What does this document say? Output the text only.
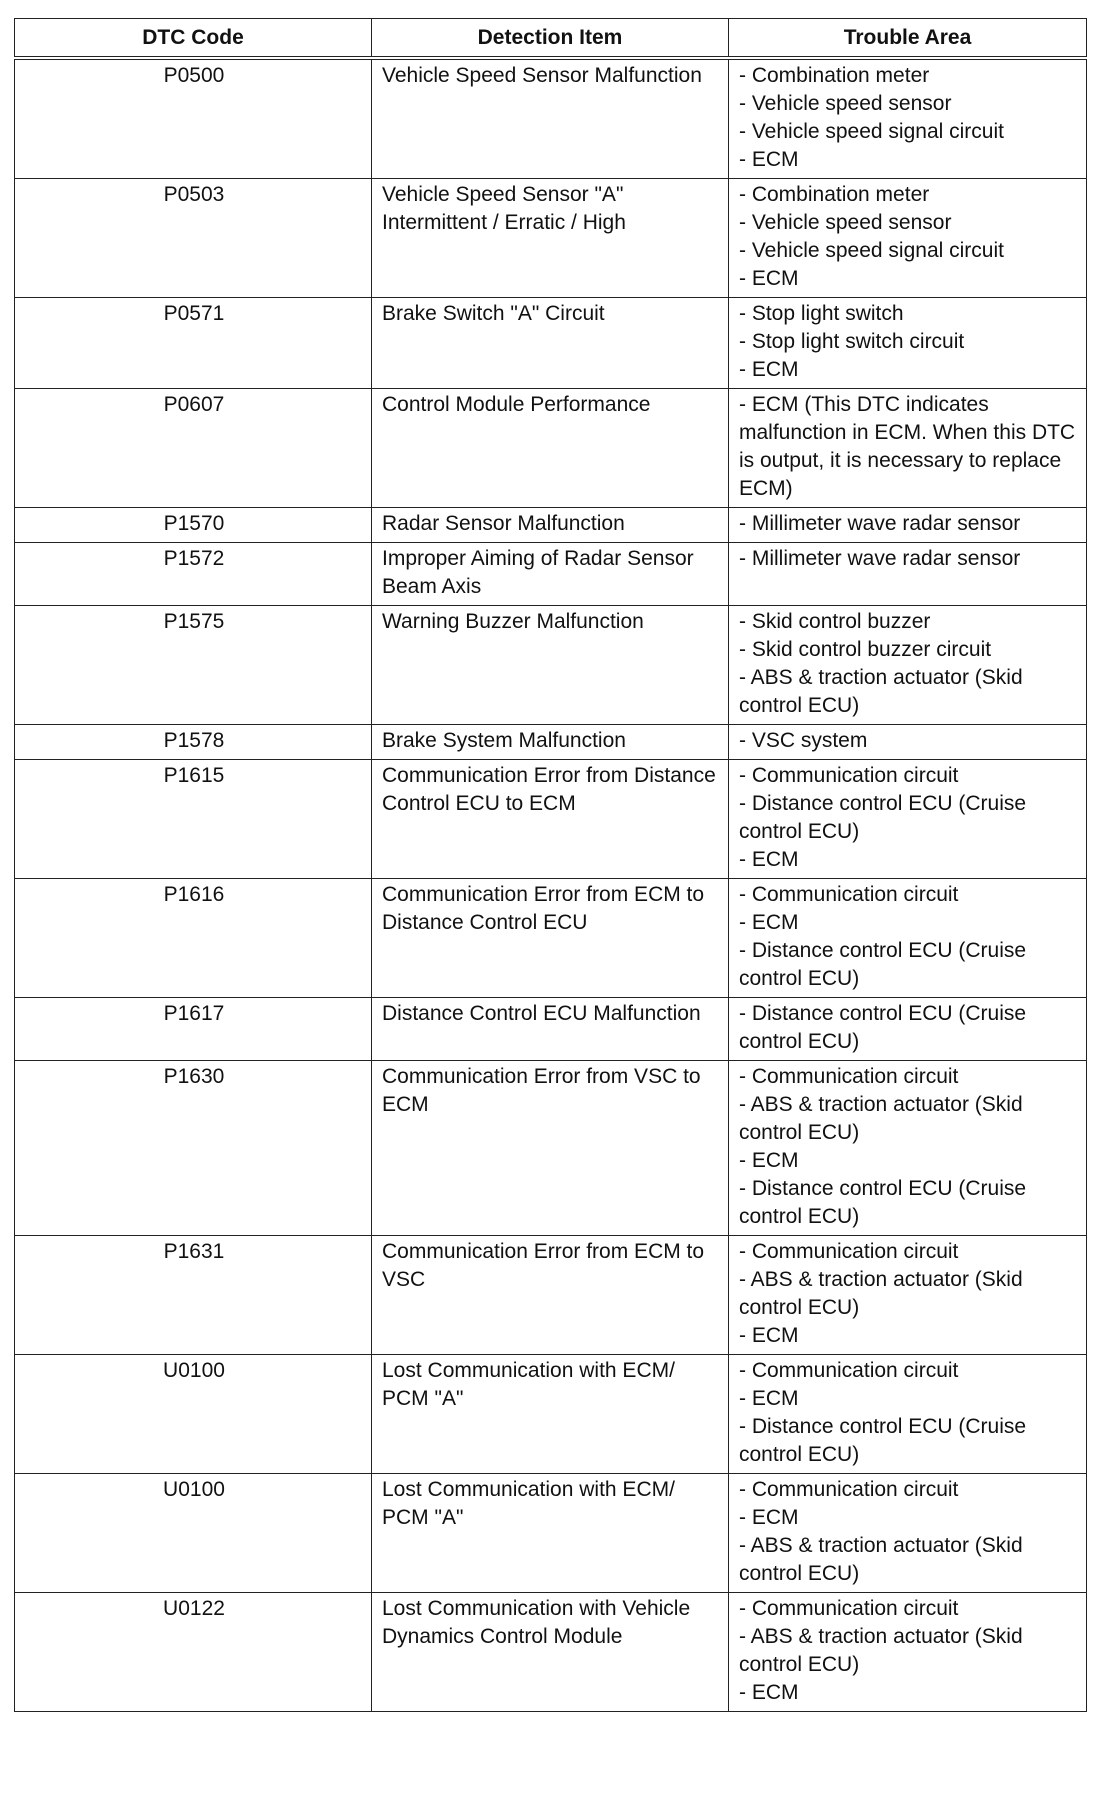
DTC Code	Detection Item	Trouble Area
P0500	Vehicle Speed Sensor Malfunction	- Combination meter
- Vehicle speed sensor
- Vehicle speed signal circuit
- ECM

P0503	Vehicle Speed Sensor "A" Intermittent / Erratic / High	- Combination meter
- Vehicle speed sensor
- Vehicle speed signal circuit
- ECM

P0571	Brake Switch "A" Circuit	- Stop light switch
- Stop light switch circuit
- ECM

P0607	Control Module Performance	- ECM (This DTC indicates malfunction in ECM. When this DTC is output, it is necessary to replace ECM)

P1570	Radar Sensor Malfunction	- Millimeter wave radar sensor

P1572	Improper Aiming of Radar Sensor Beam Axis	- Millimeter wave radar sensor

P1575	Warning Buzzer Malfunction	- Skid control buzzer
- Skid control buzzer circuit
- ABS & traction actuator (Skid control ECU)

P1578	Brake System Malfunction	- VSC system

P1615	Communication Error from Distance Control ECU to ECM	- Communication circuit
- Distance control ECU (Cruise control ECU)
- ECM

P1616	Communication Error from ECM to Distance Control ECU	- Communication circuit
- ECM
- Distance control ECU (Cruise control ECU)

P1617	Distance Control ECU Malfunction	- Distance control ECU (Cruise control ECU)

P1630	Communication Error from VSC to ECM	- Communication circuit
- ABS & traction actuator (Skid control ECU)
- ECM
- Distance control ECU (Cruise control ECU)

P1631	Communication Error from ECM to VSC	- Communication circuit
- ABS & traction actuator (Skid control ECU)
- ECM

U0100	Lost Communication with ECM/ PCM "A"	- Communication circuit
- ECM
- Distance control ECU (Cruise control ECU)

U0100	Lost Communication with ECM/ PCM "A"	- Communication circuit
- ECM
- ABS & traction actuator (Skid control ECU)

U0122	Lost Communication with Vehicle Dynamics Control Module	- Communication circuit
- ABS & traction actuator (Skid control ECU)
- ECM
